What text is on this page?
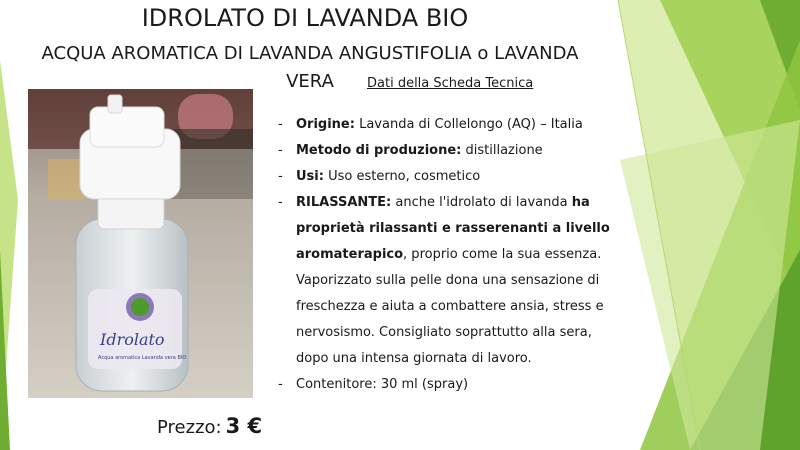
IDROLATO DI LAVANDA BIO
ACQUA AROMATICA DI LAVANDA ANGUSTIFOLIA o LAVANDA VERA	Dati della Scheda Tecnica
Idrolato
Acqua aromatica Lavanda vera BIO
- Origine: Lavanda di Collelongo (AQ) – Italia
- Metodo di produzione: distillazione
- Usi: Uso esterno, cosmetico
- RILASSANTE: anche l'idrolato di lavanda ha proprietà rilassanti e rasserenanti a livello aromaterapico, proprio come la sua essenza. Vaporizzato sulla pelle dona una sensazione di freschezza e aiuta a combattere ansia, stress e nervosismo. Consigliato soprattutto alla sera, dopo una intensa giornata di lavoro.
- Contenitore: 30 ml (spray)
Prezzo: 3 €
